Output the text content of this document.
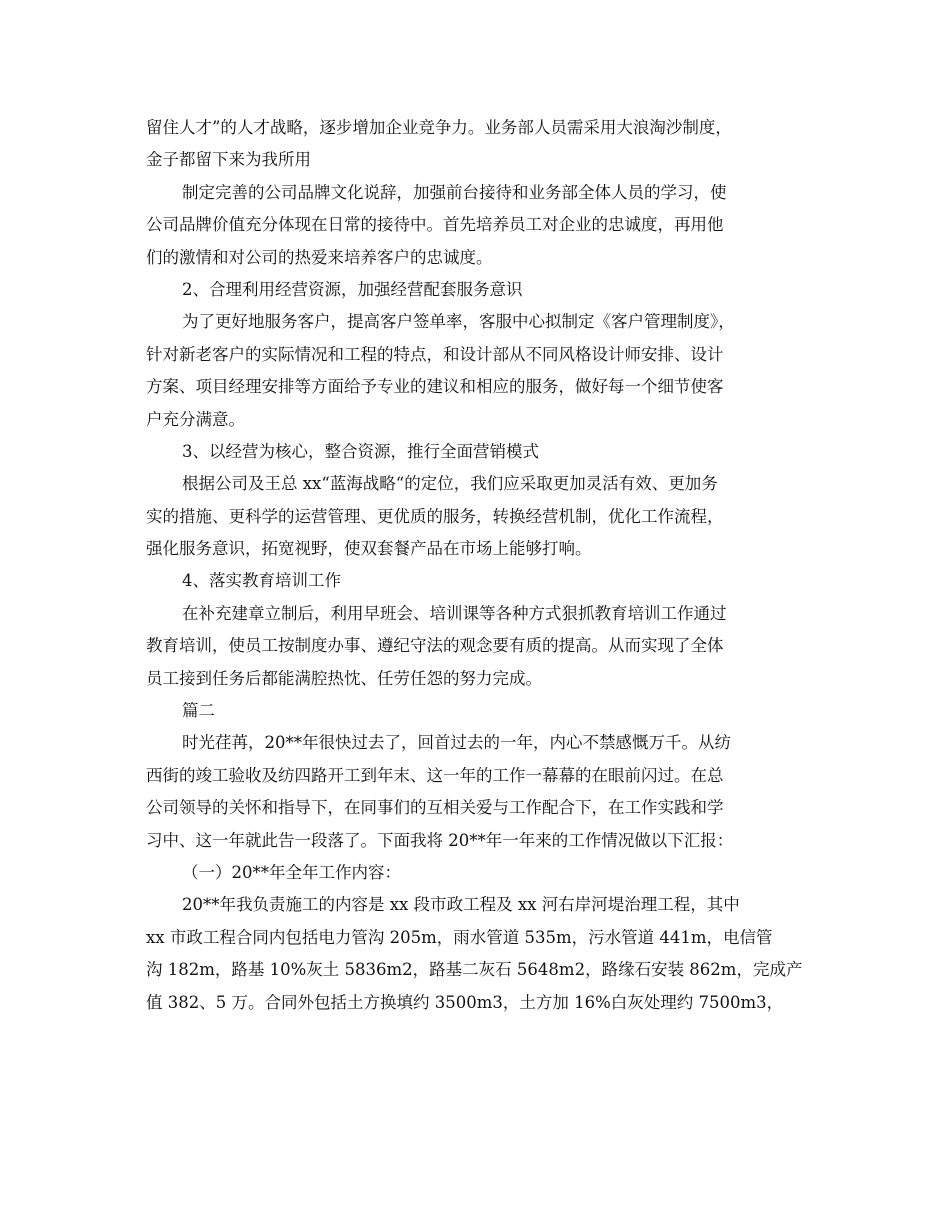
留住人才”的人才战略，逐步增加企业竞争力。业务部人员需采用大浪淘沙制度，
金子都留下来为我所用
制定完善的公司品牌文化说辞，加强前台接待和业务部全体人员的学习，使
公司品牌价值充分体现在日常的接待中。首先培养员工对企业的忠诚度，再用他
们的激情和对公司的热爱来培养客户的忠诚度。
2、合理利用经营资源，加强经营配套服务意识
为了更好地服务客户，提高客户签单率，客服中心拟制定《客户管理制度》，
针对新老客户的实际情况和工程的特点，和设计部从不同风格设计师安排、设计
方案、项目经理安排等方面给予专业的建议和相应的服务，做好每一个细节使客
户充分满意。
3、以经营为核心，整合资源，推行全面营销模式
根据公司及王总 xx“蓝海战略“的定位，我们应采取更加灵活有效、更加务
实的措施、更科学的运营管理、更优质的服务，转换经营机制，优化工作流程，
强化服务意识，拓宽视野，使双套餐产品在市场上能够打响。
4、落实教育培训工作
在补充建章立制后，利用早班会、培训课等各种方式狠抓教育培训工作通过
教育培训，使员工按制度办事、遵纪守法的观念要有质的提高。从而实现了全体
员工接到任务后都能满腔热忱、任劳任怨的努力完成。
篇二
时光荏苒，20**年很快过去了，回首过去的一年，内心不禁感慨万千。从纺
西街的竣工验收及纺四路开工到年末、这一年的工作一幕幕的在眼前闪过。在总
公司领导的关怀和指导下，在同事们的互相关爱与工作配合下，在工作实践和学
习中、这一年就此告一段落了。下面我将 20**年一年来的工作情况做以下汇报：
（一）20**年全年工作内容：
20**年我负责施工的内容是 xx 段市政工程及 xx 河右岸河堤治理工程，其中
xx 市政工程合同内包括电力管沟 205m，雨水管道 535m，污水管道 441m，电信管
沟 182m，路基 10%灰土 5836m2，路基二灰石 5648m2，路缘石安装 862m，完成产
值 382、5 万。合同外包括土方换填约 3500m3，土方加 16%白灰处理约 7500m3，
